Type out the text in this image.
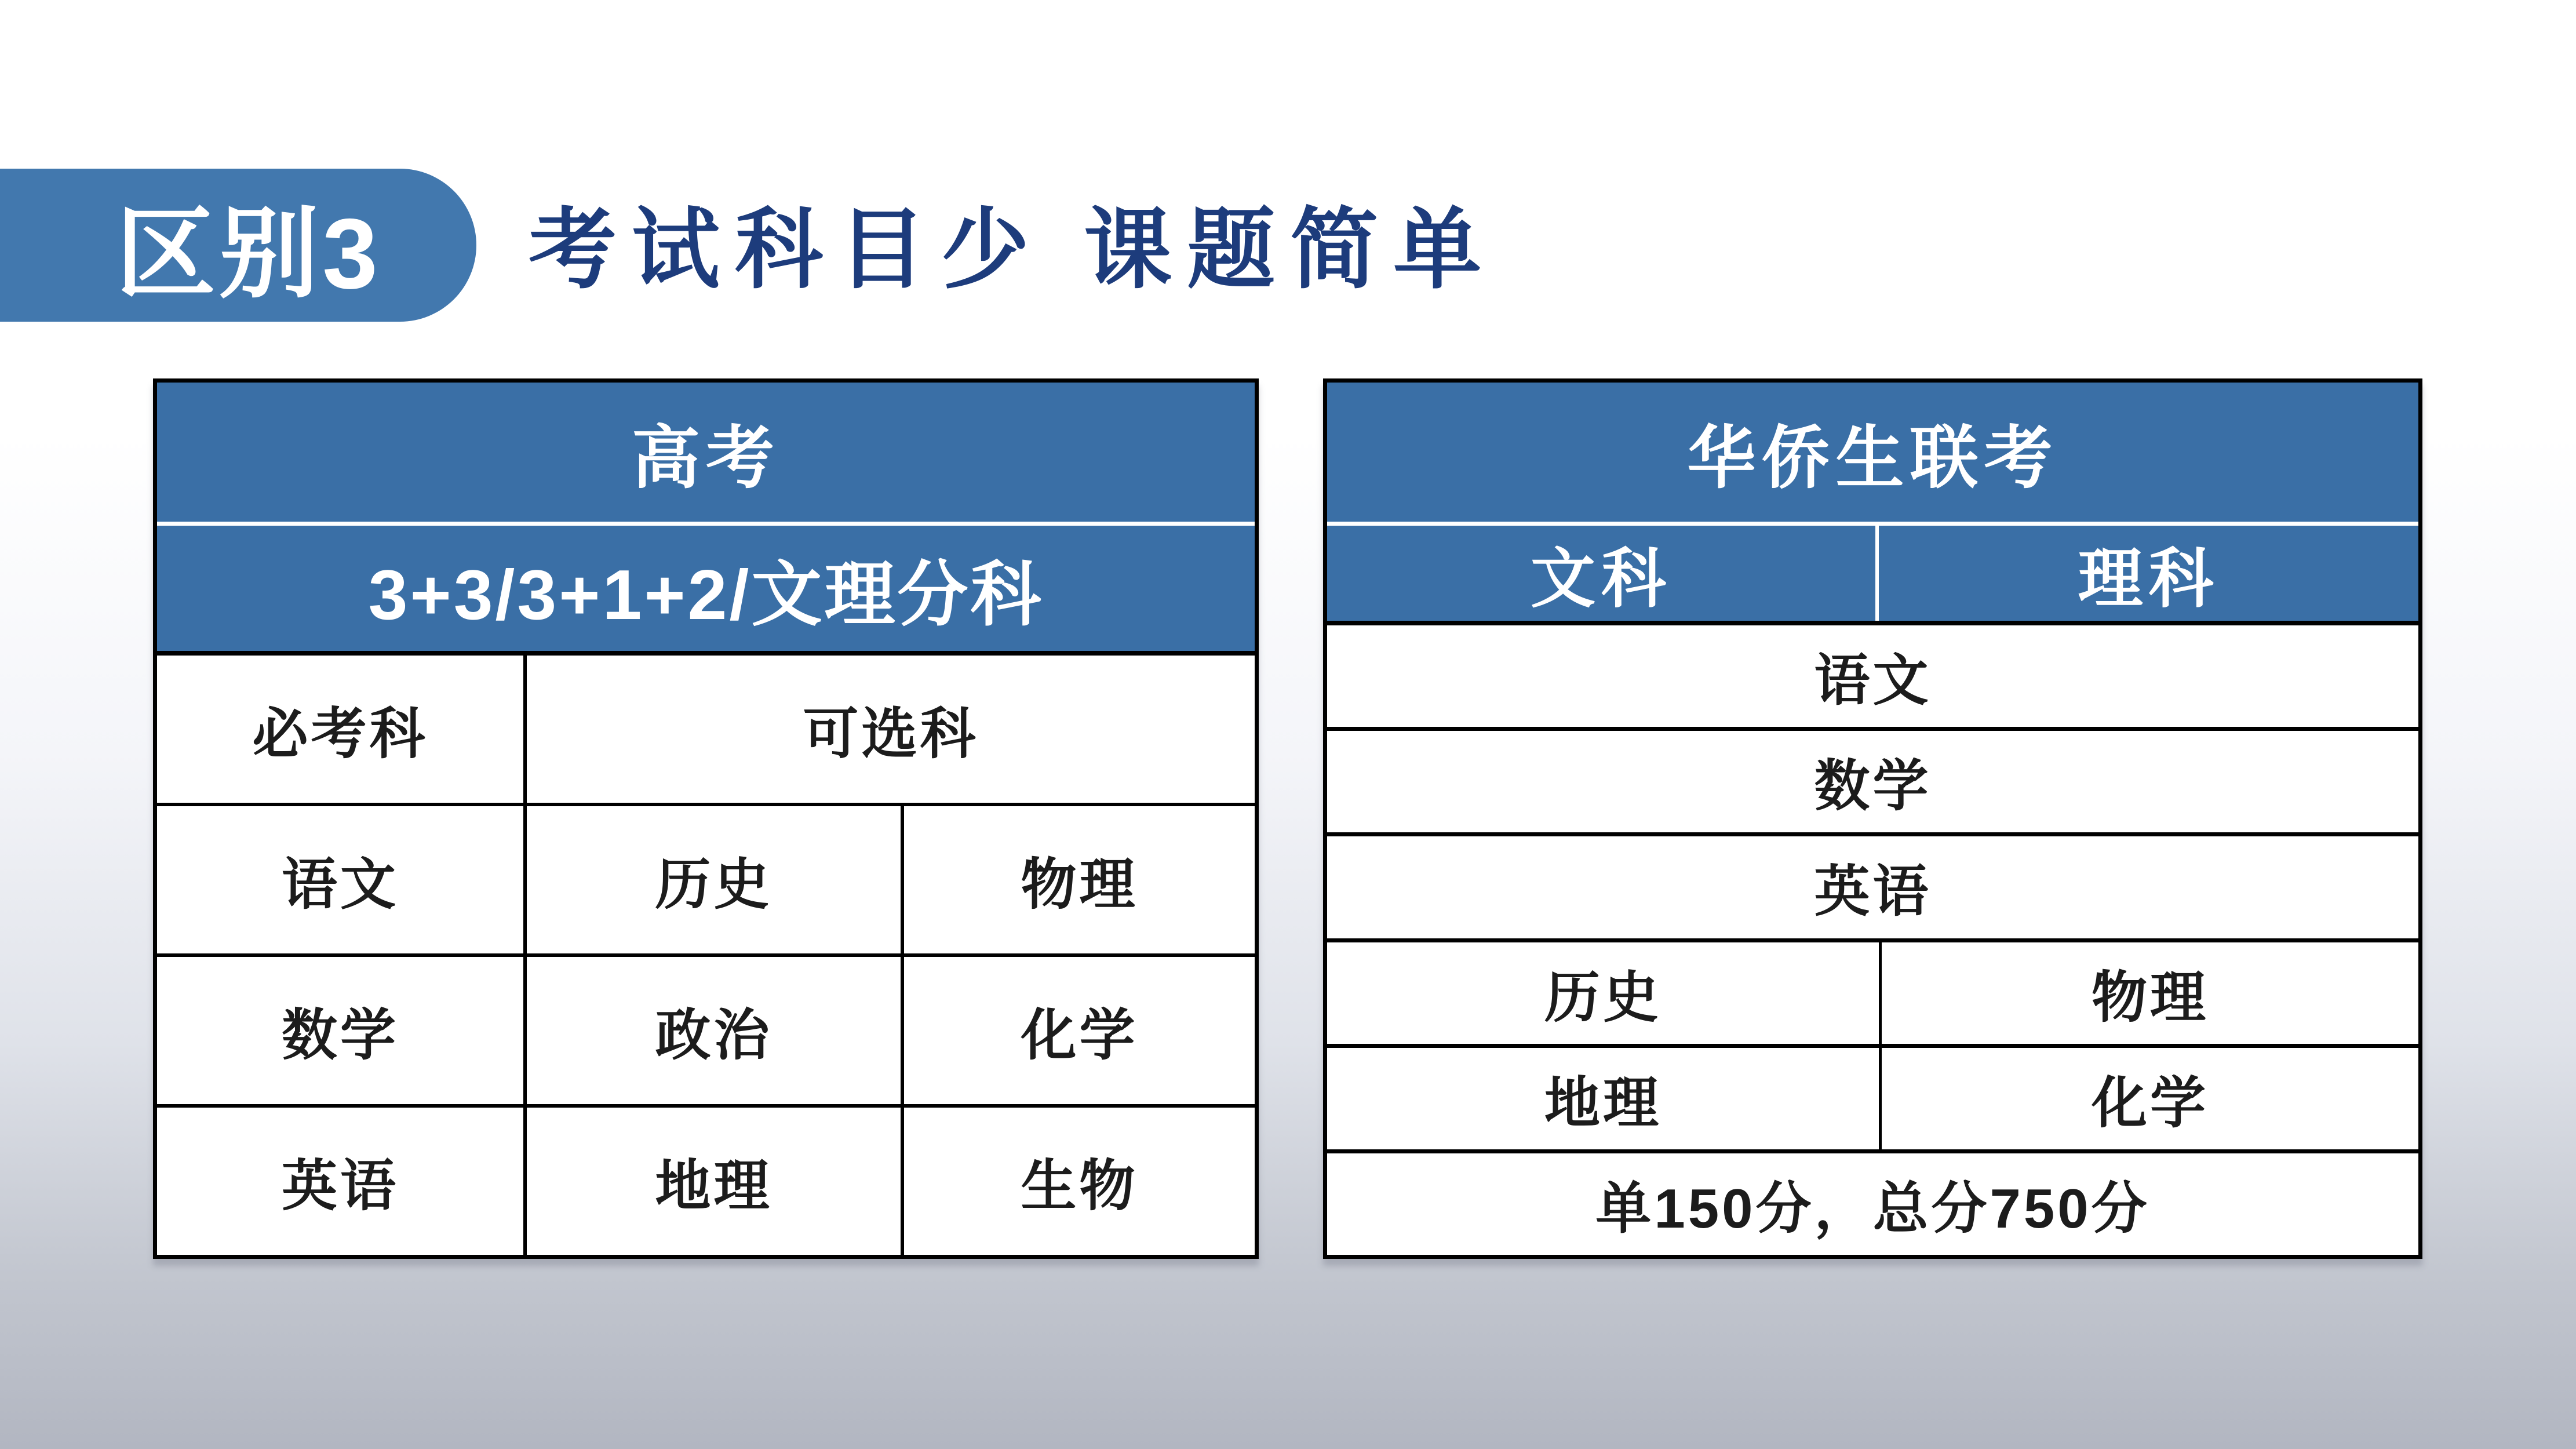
区别3 考试科目少 课题简单
高考
3+3/3+1+2/文理分科
必考科	可选科
语文	历史	物理
数学	政治	化学
英语	地理	生物
华侨生联考
文科	理科
语文
数学
英语
历史	物理
地理	化学
单150分，总分750分
